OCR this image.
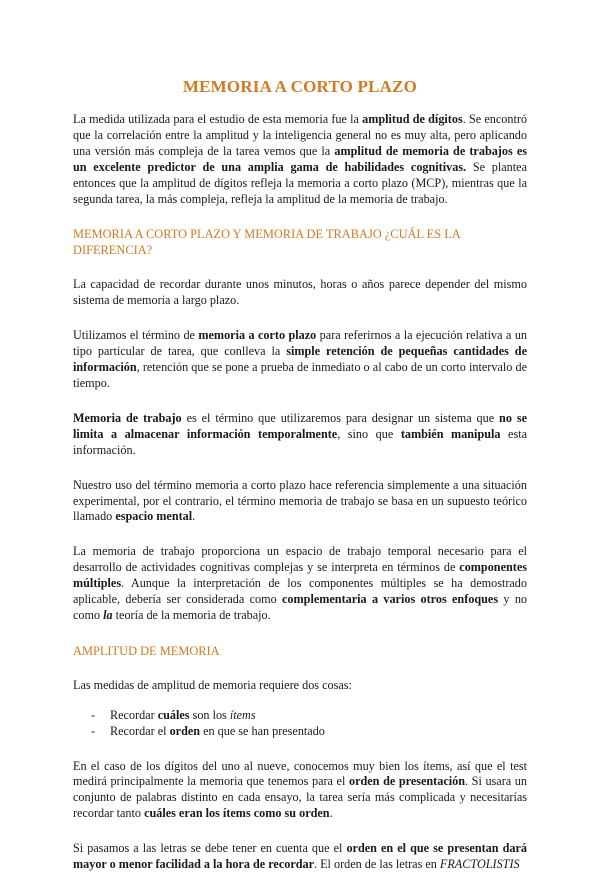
MEMORIA A CORTO PLAZO

La medida utilizada para el estudio de esta memoria fue la amplitud de dígitos. Se encontró que la correlación entre la amplitud y la inteligencia general no es muy alta, pero aplicando una versión más compleja de la tarea vemos que la amplitud de memoria de trabajos es un excelente predictor de una amplia gama de habilidades cognitivas. Se plantea entonces que la amplitud de dígitos refleja la memoria a corto plazo (MCP), mientras que la segunda tarea, la más compleja, refleja la amplitud de la memoria de trabajo.

MEMORIA A CORTO PLAZO Y MEMORIA DE TRABAJO ¿CUÁL ES LA DIFERENCIA?

La capacidad de recordar durante unos minutos, horas o años parece depender del mismo sistema de memoria a largo plazo.

Utilizamos el término de memoria a corto plazo para referirnos a la ejecución relativa a un tipo particular de tarea, que conlleva la simple retención de pequeñas cantidades de información, retención que se pone a prueba de inmediato o al cabo de un corto intervalo de tiempo.

Memoria de trabajo es el término que utilizaremos para designar un sistema que no se limita a almacenar información temporalmente, sino que también manipula esta información.

Nuestro uso del término memoria a corto plazo hace referencia simplemente a una situación experimental, por el contrario, el término memoria de trabajo se basa en un supuesto teórico llamado espacio mental.

La memoria de trabajo proporciona un espacio de trabajo temporal necesario para el desarrollo de actividades cognitivas complejas y se interpreta en términos de componentes múltiples. Aunque la interpretación de los componentes múltiples se ha demostrado aplicable, debería ser considerada como complementaria a varios otros enfoques y no como la teoría de la memoria de trabajo.

AMPLITUD DE MEMORIA

Las medidas de amplitud de memoria requiere dos cosas:

- Recordar cuáles son los ítems
- Recordar el orden en que se han presentado

En el caso de los dígitos del uno al nueve, conocemos muy bien los ítems, así que el test medirá principalmente la memoria que tenemos para el orden de presentación. Si usara un conjunto de palabras distinto en cada ensayo, la tarea sería más complicada y necesitarías recordar tanto cuáles eran los ítems como su orden.

Si pasamos a las letras se debe tener en cuenta que el orden en el que se presentan dará mayor o menor facilidad a la hora de recordar. El orden de las letras en FRACTOLISTIS
